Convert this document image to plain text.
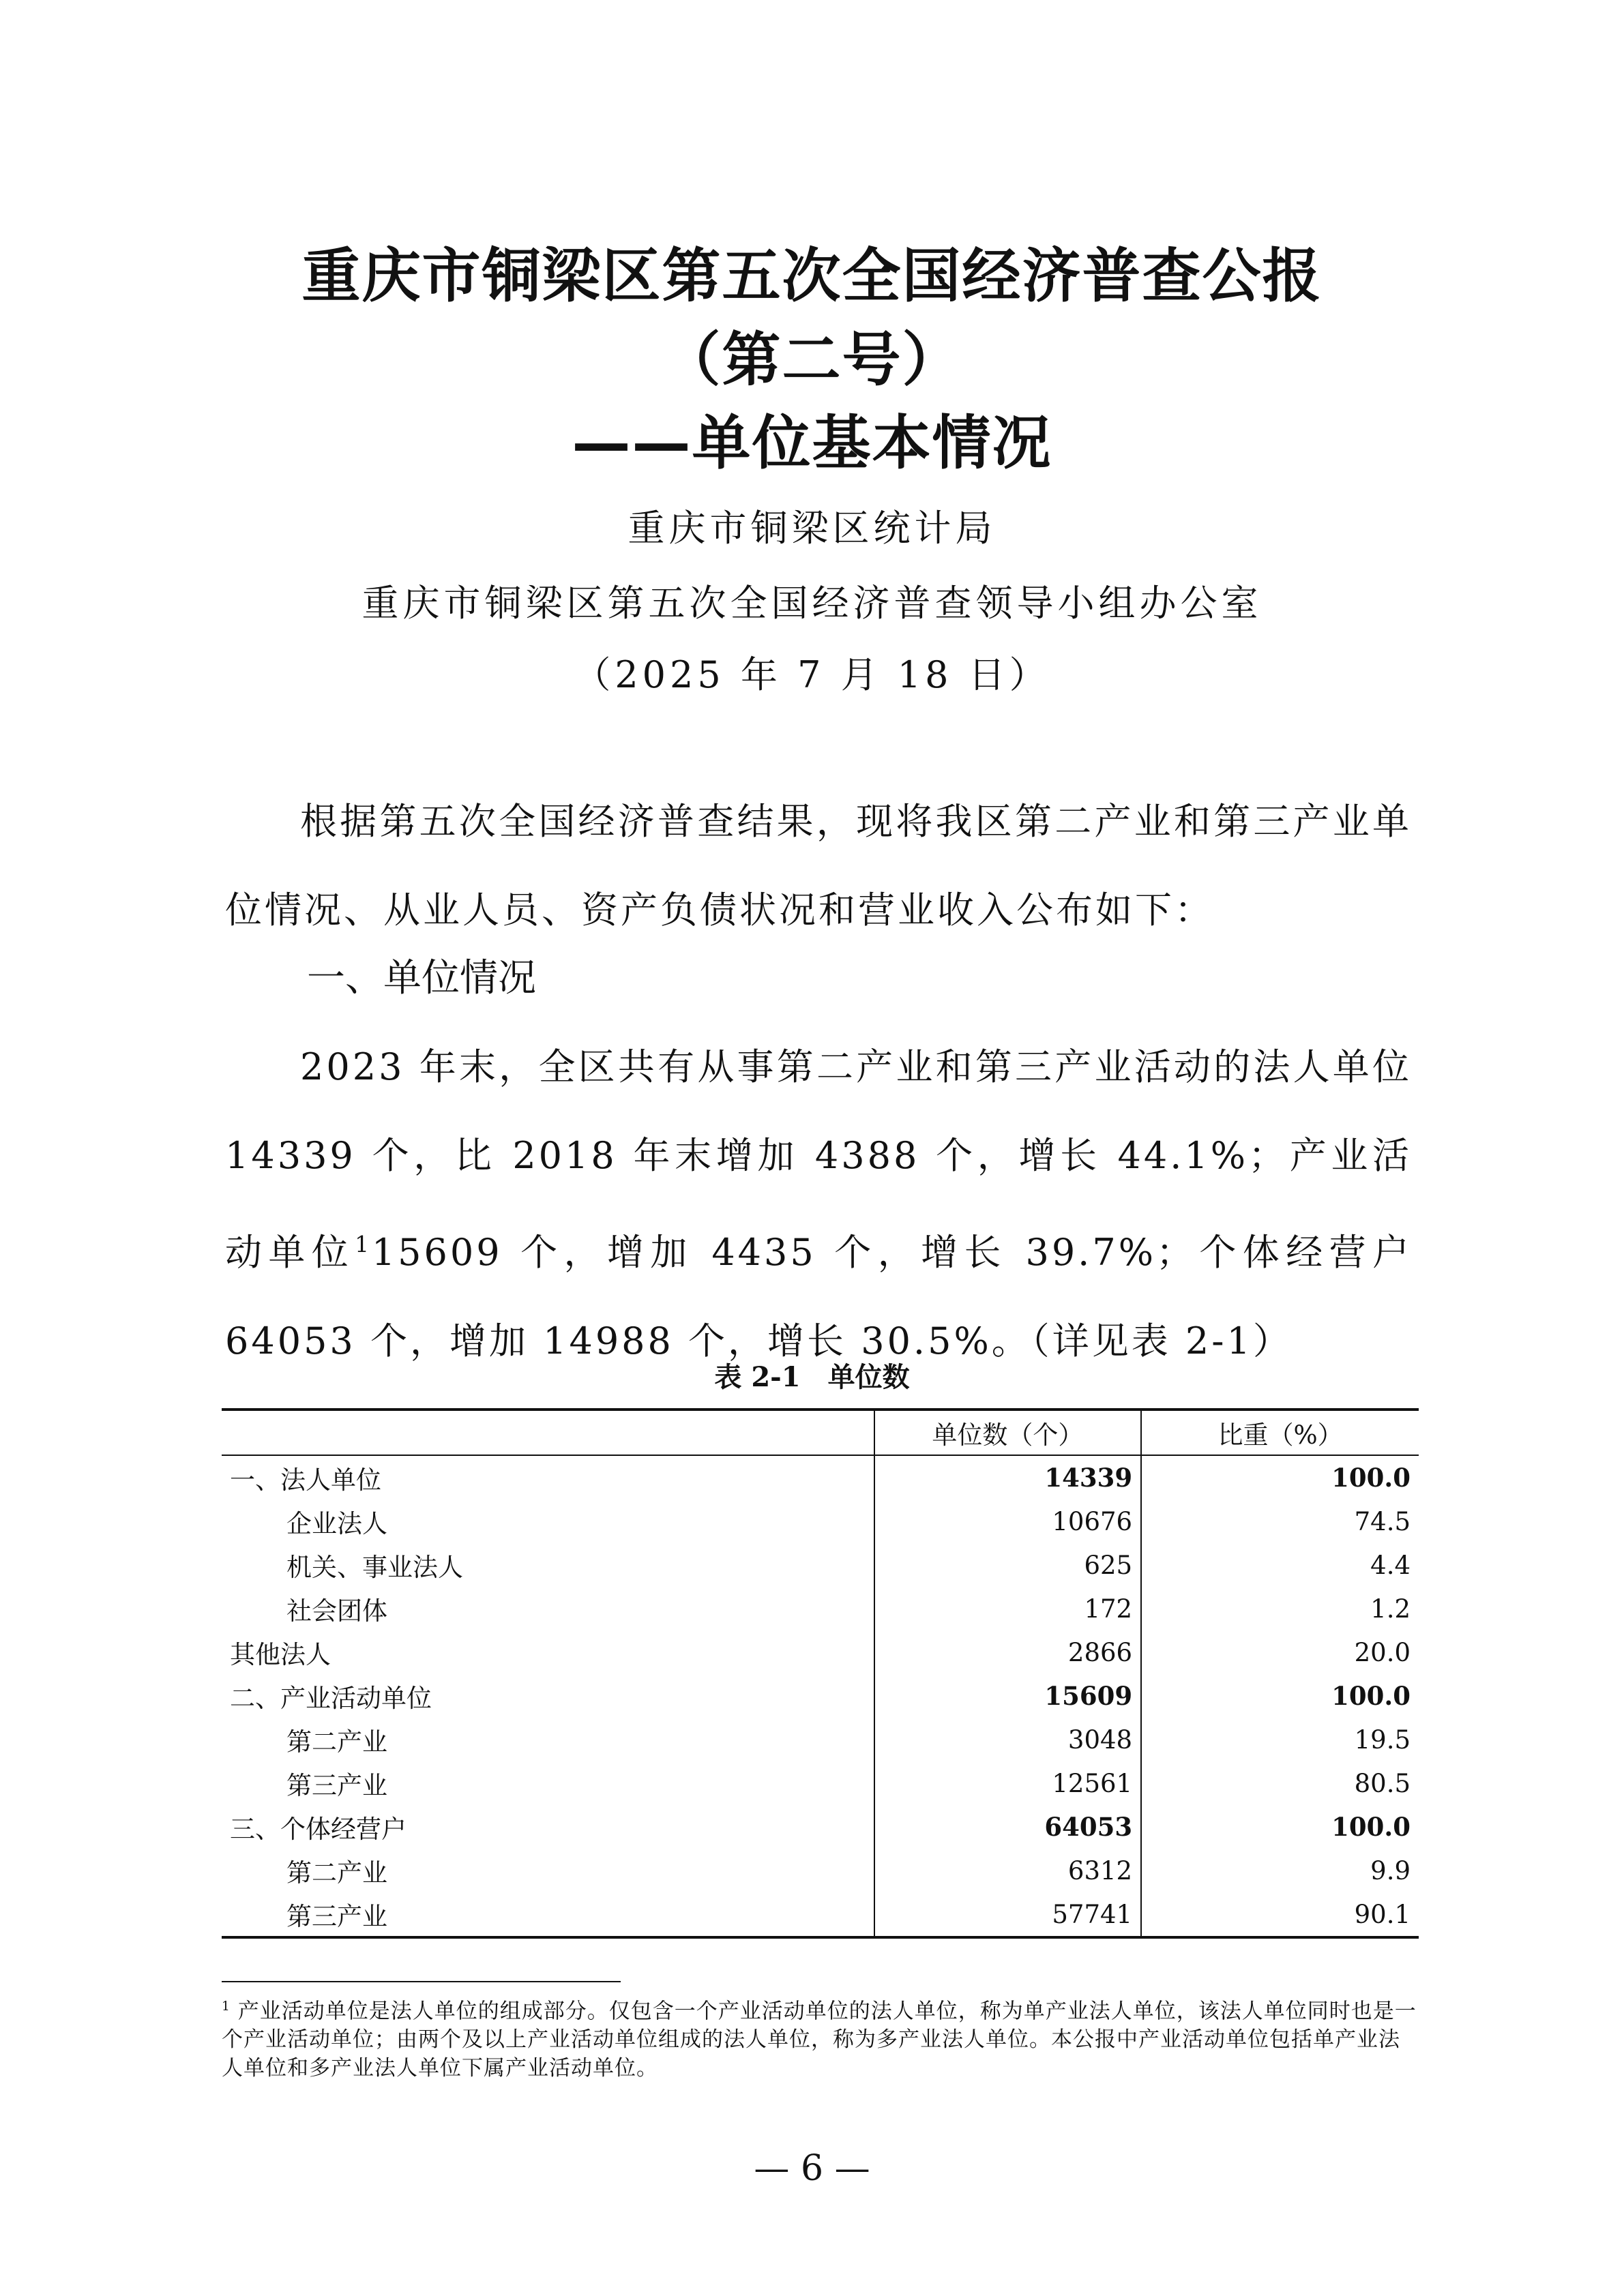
重庆市铜梁区第五次全国经济普查公报
（第二号）
——单位基本情况
重庆市铜梁区统计局
重庆市铜梁区第五次全国经济普查领导小组办公室
（2025 年 7 月 18 日）
根据第五次全国经济普查结果，现将我区第二产业和第三产业单位情况、从业人员、资产负债状况和营业收入公布如下：
一、单位情况
2023 年末，全区共有从事第二产业和第三产业活动的法人单位 14339 个，比 2018 年末增加 4388 个，增长 44.1%；产业活动单位$^1$15609 个，增加 4435 个，增长 39.7%；个体经营户 64053 个，增加 14988 个，增长 30.5%。（详见表 2-1）
表 2-1　单位数
	单位数（个）	比重（%）
一、法人单位	14339	100.0
企业法人	10676	74.5
机关、事业法人	625	4.4
社会团体	172	1.2
其他法人	2866	20.0
二、产业活动单位	15609	100.0
第二产业	3048	19.5
第三产业	12561	80.5
三、个体经营户	64053	100.0
第二产业	6312	9.9
第三产业	57741	90.1
$^1$ 产业活动单位是法人单位的组成部分。仅包含一个产业活动单位的法人单位，称为单产业法人单位，该法人单位同时也是一个产业活动单位；由两个及以上产业活动单位组成的法人单位，称为多产业法人单位。本公报中产业活动单位包括单产业法人单位和多产业法人单位下属产业活动单位。
— 6 —
